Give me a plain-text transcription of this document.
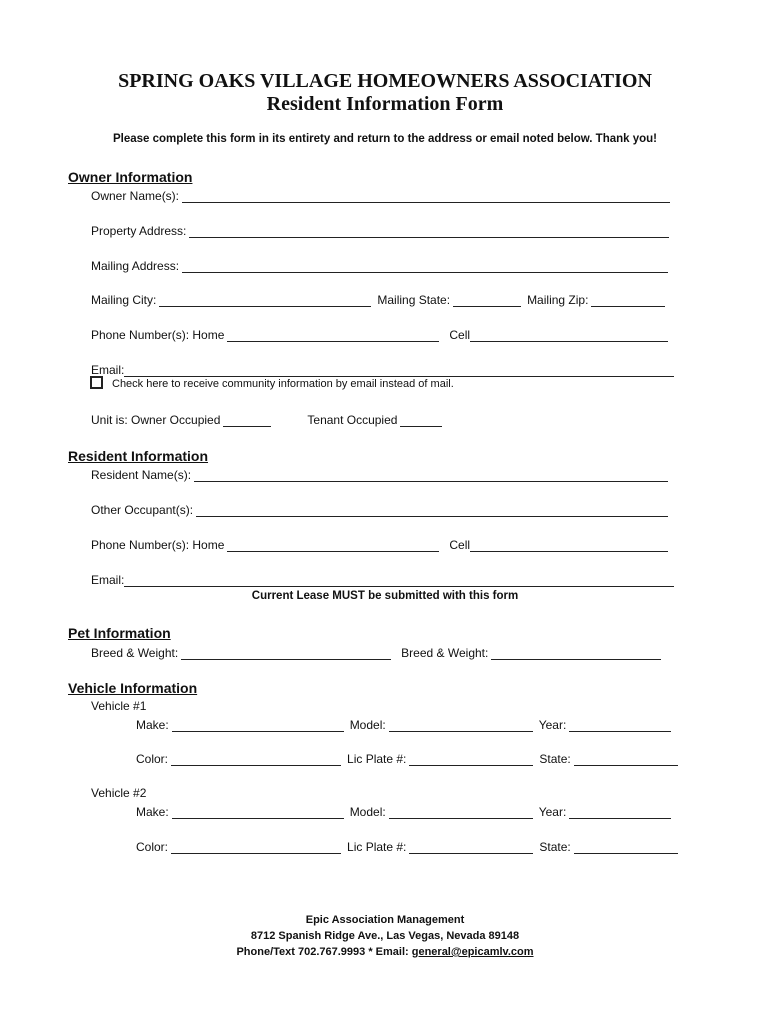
SPRING OAKS VILLAGE HOMEOWNERS ASSOCIATION
Resident Information Form
Please complete this form in its entirety and return to the address or email noted below. Thank you!
Owner Information
Owner Name(s):
Property Address:
Mailing Address:
Mailing City:	Mailing State:	Mailing Zip:
Phone Number(s): Home	Cell
Email:
Check here to receive community information by email instead of mail.
Unit is: Owner Occupied	Tenant Occupied
Resident Information
Resident Name(s):
Other Occupant(s):
Phone Number(s): Home	Cell
Email:
Current Lease MUST be submitted with this form
Pet Information
Breed & Weight:	Breed & Weight:
Vehicle Information
Vehicle #1
Make:	Model:	Year:
Color:	Lic Plate #:	State:
Vehicle #2
Make:	Model:	Year:
Color:	Lic Plate #:	State:
Epic Association Management
8712 Spanish Ridge Ave., Las Vegas, Nevada 89148
Phone/Text 702.767.9993 * Email: general@epicamlv.com
